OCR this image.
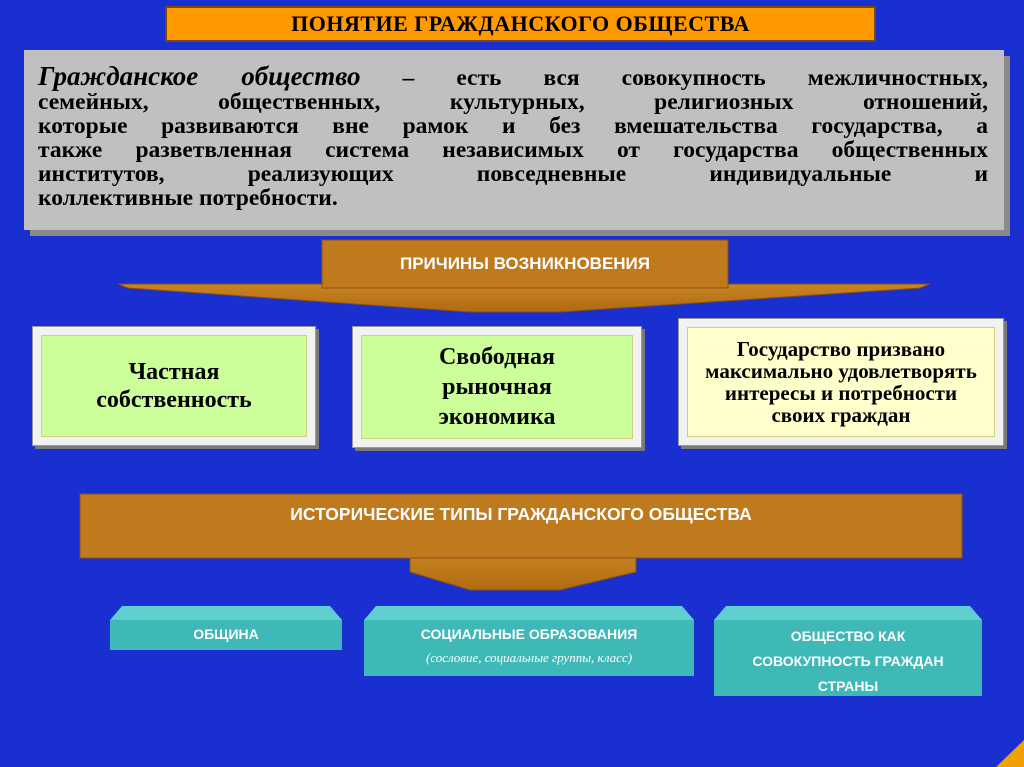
ПОНЯТИЕ ГРАЖДАНСКОГО ОБЩЕСТВА
Гражданское общество – есть вся совокупность межличностных,
семейных, общественных, культурных, религиозных отношений,
которые развиваются вне рамок и без вмешательства государства, а
также разветвленная система независимых от государства общественных
институтов, реализующих повседневные индивидуальные и
коллективные потребности.
ПРИЧИНЫ ВОЗНИКНОВЕНИЯ
Частная собственность
Свободная рыночная экономика
Государство призвано максимально удовлетворять интересы и потребности своих граждан
ИСТОРИЧЕСКИЕ ТИПЫ ГРАЖДАНСКОГО ОБЩЕСТВА
ОБЩИНА	СОЦИАЛЬНЫЕ ОБРАЗОВАНИЯ
(сословие, социальные группы, класс)
ОБЩЕСТВО КАК СОВОКУПНОСТЬ ГРАЖДАН СТРАНЫ
